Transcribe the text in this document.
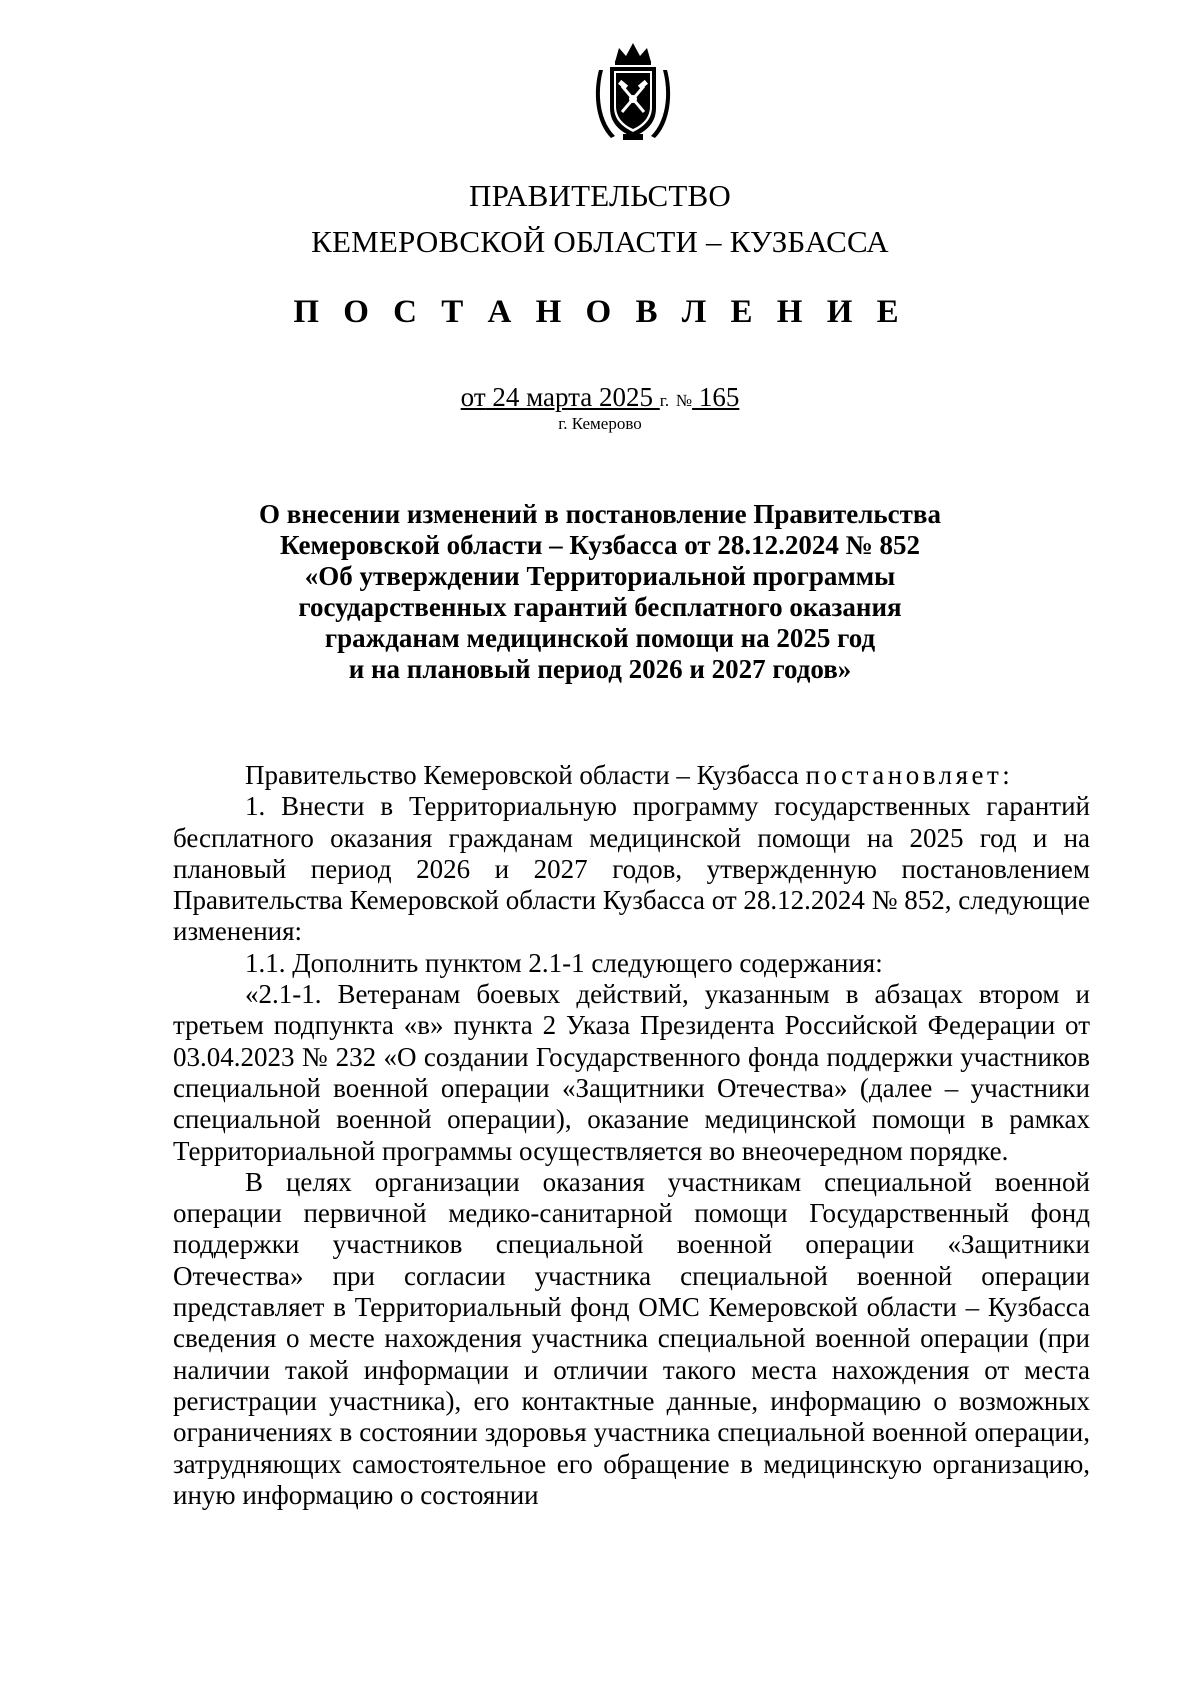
ПРАВИТЕЛЬСТВО
КЕМЕРОВСКОЙ ОБЛАСТИ – КУЗБАССА
П О С Т А Н О В Л Е Н И Е
от 24 марта 2025 г. № 165
г. Кемерово
О внесении изменений в постановление Правительства
Кемеровской области – Кузбасса от 28.12.2024 № 852
«Об утверждении Территориальной программы
государственных гарантий бесплатного оказания
гражданам медицинской помощи на 2025 год
и на плановый период 2026 и 2027 годов»

Правительство Кемеровской области – Кузбасса постановляет:

1. Внести в Территориальную программу государственных гарантий бесплатного оказания гражданам медицинской помощи на 2025 год и на плановый период 2026 и 2027 годов, утвержденную постановлением Правительства Кемеровской области Кузбасса от 28.12.2024 № 852, следующие изменения:

1.1. Дополнить пунктом 2.1-1 следующего содержания:

«2.1-1. Ветеранам боевых действий, указанным в абзацах втором и третьем подпункта «в» пункта 2 Указа Президента Российской Федерации от 03.04.2023 № 232 «О создании Государственного фонда поддержки участников специальной военной операции «Защитники Отечества» (далее – участники специальной военной операции), оказание медицинской помощи в рамках Территориальной программы осуществляется во внеочередном порядке.

В целях организации оказания участникам специальной военной операции первичной медико-санитарной помощи Государственный фонд поддержки участников специальной военной операции «Защитники Отечества» при согласии участника специальной военной операции представляет в Территориальный фонд ОМС Кемеровской области – Кузбасса сведения о месте нахождения участника специальной военной операции (при наличии такой информации и отличии такого места нахождения от места регистрации участника), его контактные данные, информацию о возможных ограничениях в состоянии здоровья участника специальной военной операции, затрудняющих самостоятельное его обращение в медицинскую организацию, иную информацию о состоянии
